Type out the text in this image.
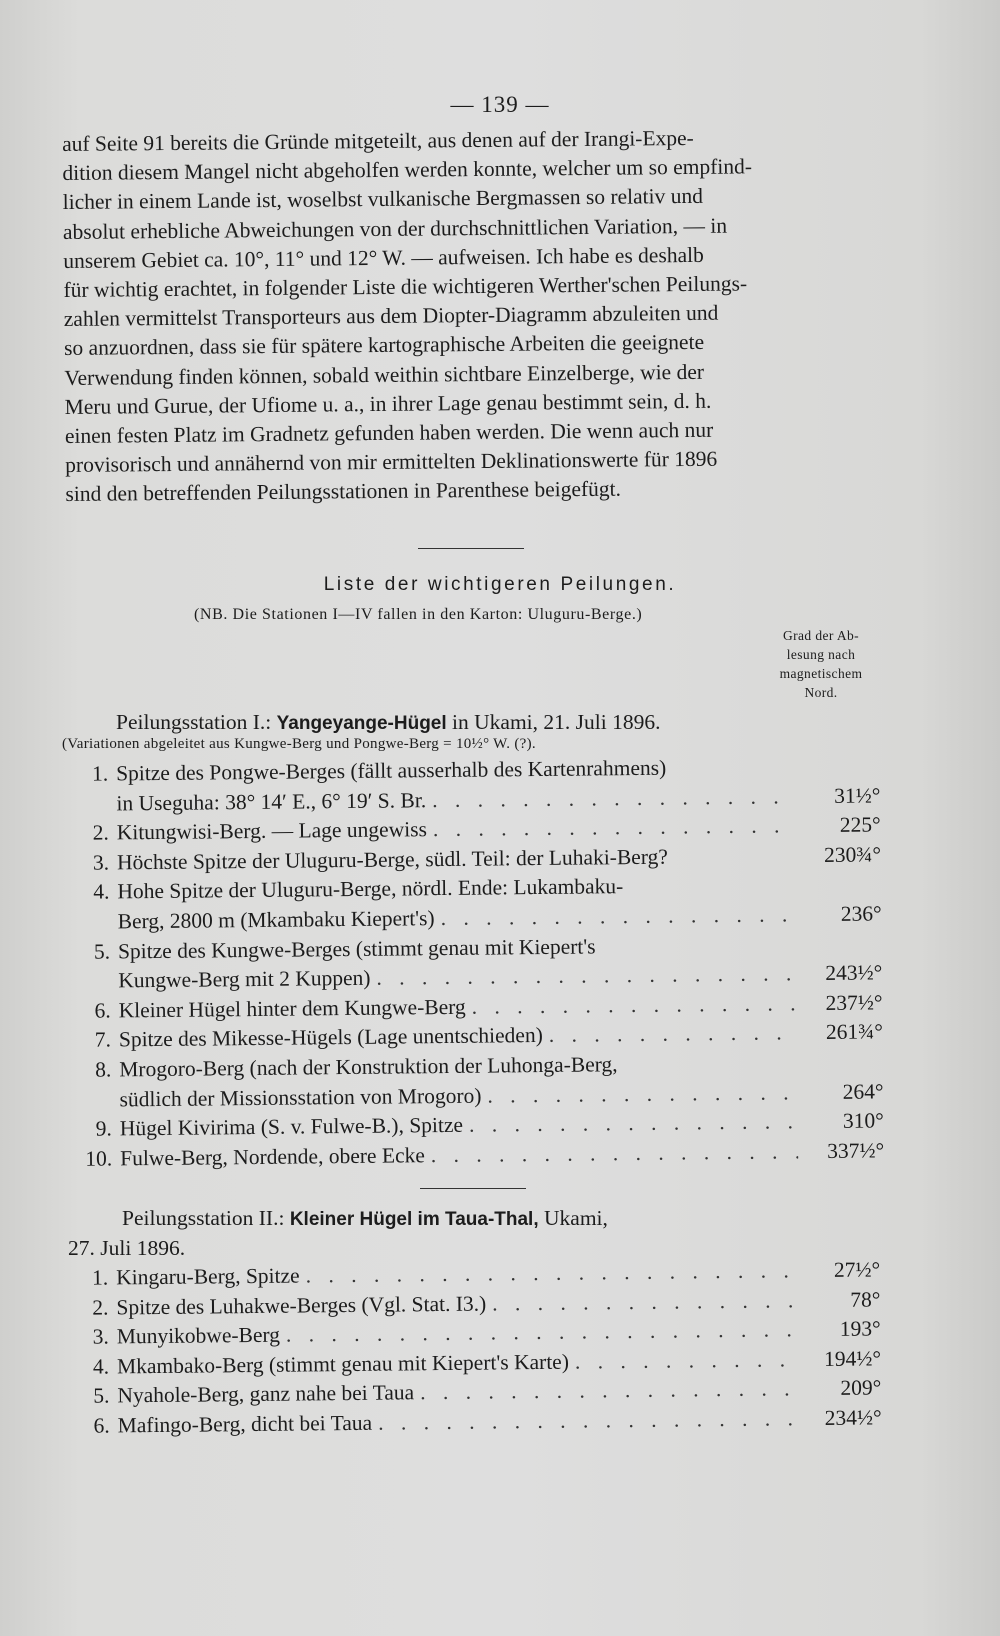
— 139 —

auf Seite 91 bereits die Gründe mitgeteilt, aus denen auf der Irangi-Expe-

dition diesem Mangel nicht abgeholfen werden konnte, welcher um so empfind-

licher in einem Lande ist, woselbst vulkanische Bergmassen so relativ und

absolut erhebliche Abweichungen von der durchschnittlichen Variation, — in

unserem Gebiet ca. 10°, 11° und 12° W. — aufweisen. Ich habe es deshalb

für wichtig erachtet, in folgender Liste die wichtigeren Werther'schen Peilungs-

zahlen vermittelst Transporteurs aus dem Diopter-Diagramm abzuleiten und

so anzuordnen, dass sie für spätere kartographische Arbeiten die geeignete

Verwendung finden können, sobald weithin sichtbare Einzelberge, wie der

Meru und Gurue, der Ufiome u. a., in ihrer Lage genau bestimmt sein, d. h.

einen festen Platz im Gradnetz gefunden haben werden. Die wenn auch nur

provisorisch und annähernd von mir ermittelten Deklinationswerte für 1896

sind den betreffenden Peilungsstationen in Parenthese beigefügt.

Liste der wichtigeren Peilungen.
(NB. Die Stationen I—IV fallen in den Karton: Uluguru-Berge.)
Grad der Ab-
lesung nach
magnetischem
Nord.
Peilungsstation I.: Yangeyange-Hügel in Ukami, 21. Juli 1896.
(Variationen abgeleitet aus Kungwe-Berg und Pongwe-Berg = 10½° W. (?).
1. Spitze des Pongwe-Berges (fällt ausserhalb des Kartenrahmens)
in Useguha: 38° 14′ E., 6° 19′ S. Br. . . .	31½°
2. Kitungwisi-Berg. — Lage ungewiss . . .	225°
3. Höchste Spitze der Uluguru-Berge, südl. Teil: der Luhaki-Berg?	230¾°
4. Hohe Spitze der Uluguru-Berge, nördl. Ende: Lukambaku-
Berg, 2800 m (Mkambaku Kiepert's) . . .	236°
5. Spitze des Kungwe-Berges (stimmt genau mit Kiepert's
Kungwe-Berg mit 2 Kuppen) . . .	243½°
6. Kleiner Hügel hinter dem Kungwe-Berg . . .	237½°
7. Spitze des Mikesse-Hügels (Lage unentschieden) . . .	261¾°
8. Mrogoro-Berg (nach der Konstruktion der Luhonga-Berg,
südlich der Missionsstation von Mrogoro) . . .	264°
9. Hügel Kivirima (S. v. Fulwe-B.), Spitze . . .	310°
10. Fulwe-Berg, Nordende, obere Ecke . . .	337½°
Peilungsstation II.: Kleiner Hügel im Taua-Thal, Ukami,
27. Juli 1896.
1. Kingaru-Berg, Spitze . . .	27½°
2. Spitze des Luhakwe-Berges (Vgl. Stat. I3.) . . .	78°
3. Munyikobwe-Berg . . .	193°
4. Mkambako-Berg (stimmt genau mit Kiepert's Karte) . . .	194½°
5. Nyahole-Berg, ganz nahe bei Taua . . .	209°
6. Mafingo-Berg, dicht bei Taua . . .	234½°
